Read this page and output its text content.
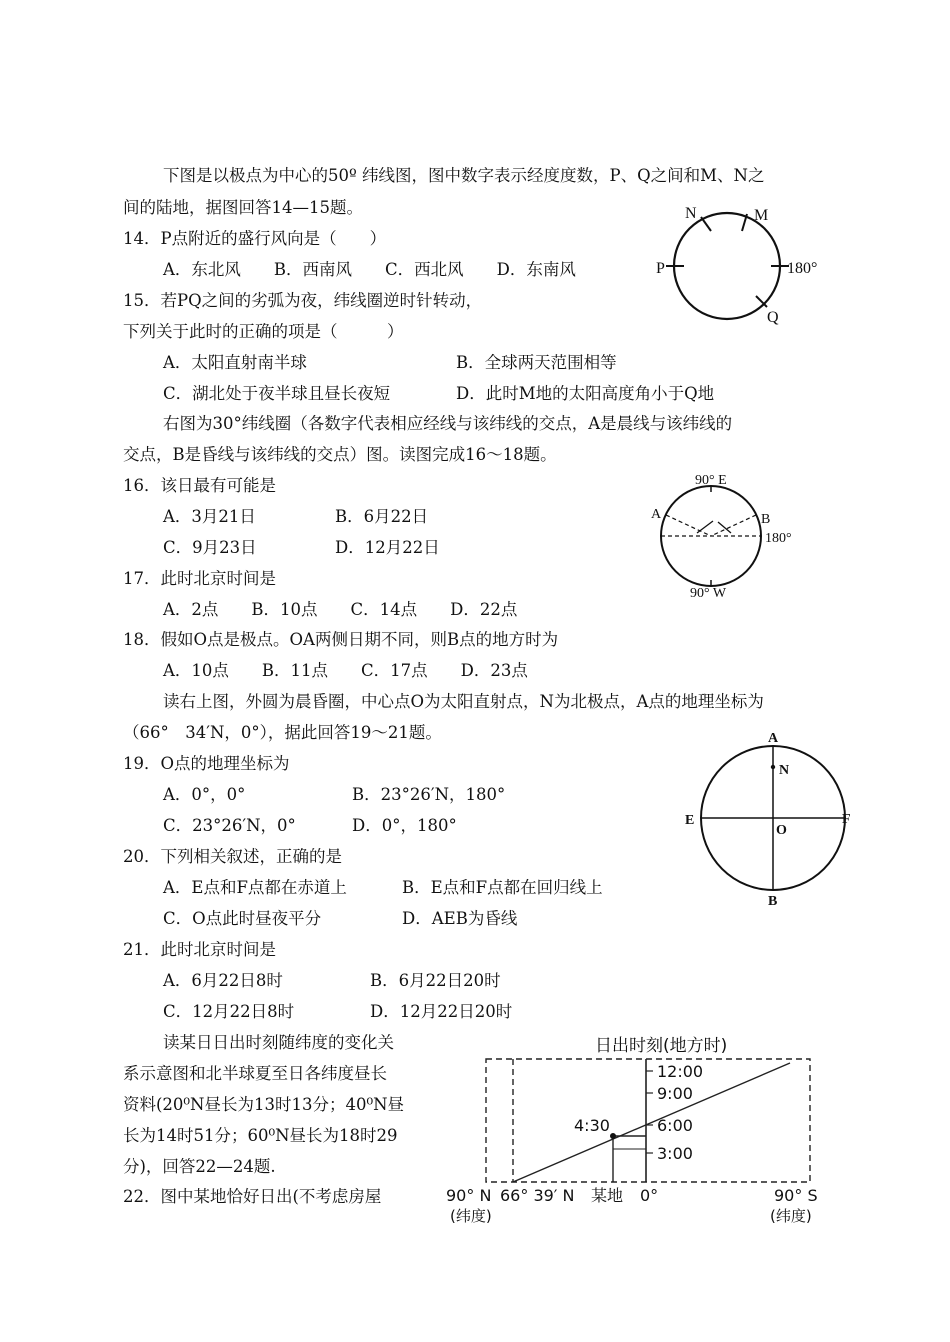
下图是以极点为中心的50º 纬线图，图中数字表示经度度数，P、Q之间和M、N之
间的陆地，据图回答14—15题。
14．P点附近的盛行风向是（　　）
A．东北风　　B．西南风　　C．西北风　　D．东南风
15．若PQ之间的劣弧为夜，纬线圈逆时针转动，
下列关于此时的正确的项是（　　　）
A．太阳直射南半球	B．全球两天范围相等
C．湖北处于夜半球且昼长夜短	D．此时M地的太阳高度角小于Q地
右图为30°纬线圈（各数字代表相应经线与该纬线的交点，A是晨线与该纬线的
交点，B是昏线与该纬线的交点）图。读图完成16～18题。
16．该日最有可能是
A．3月21日	B．6月22日
C．9月23日	D．12月22日
17．此时北京时间是
A．2点　　B．10点　　C．14点　　D．22点
18．假如O点是极点。OA两侧日期不同，则B点的地方时为
A．10点　　B．11点　　C．17点　　D．23点
读右上图，外圆为晨昏圈，中心点O为太阳直射点，N为北极点，A点的地理坐标为
（66°　34′N，0°），据此回答19～21题。
19．O点的地理坐标为
A．0°，0°	B．23°26′N，180°
C．23°26′N，0°	D．0°，180°
20．下列相关叙述，正确的是
A．E点和F点都在赤道上	B．E点和F点都在回归线上
C．O点此时昼夜平分	D．AEB为昏线
21．此时北京时间是
A．6月22日8时	B．6月22日20时
C．12月22日8时	D．12月22日20时
读某日日出时刻随纬度的变化关
系示意图和北半球夏至日各纬度昼长
资料(20⁰N昼长为13时13分；40⁰N昼
长为14时51分；60⁰N昼长为18时29
分)，回答22—24题.
22．图中某地恰好日出(不考虑房屋
N	M
P	180°
Q
90° E
A	B
180°
90° W
A
N
E
O
F
B
日出时刻(地方时)
12:00
9:00
6:00
3:00
4:30
90° N 66° 39′ N 某地 0°	90° S
(纬度)	(纬度)
